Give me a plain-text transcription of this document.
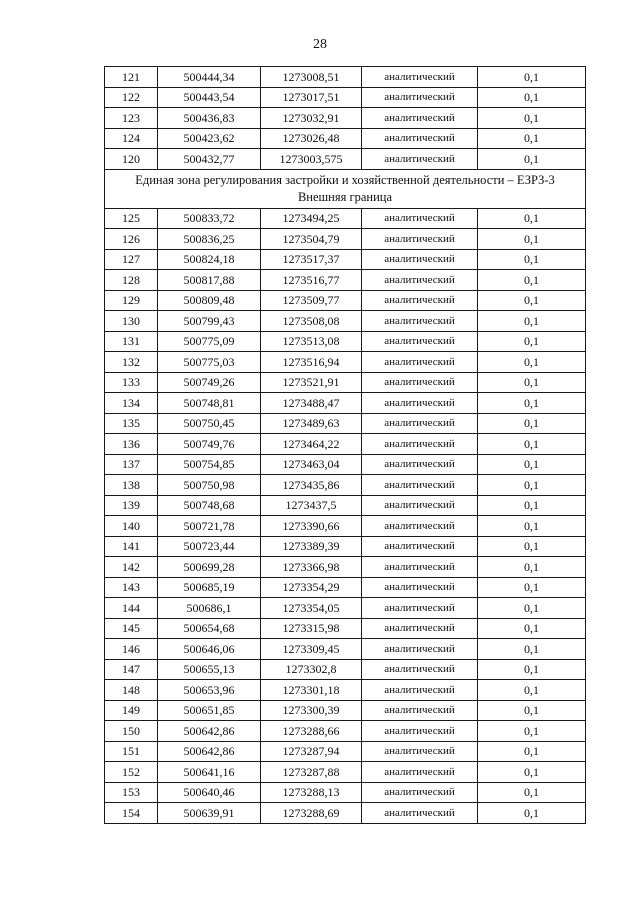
28
121	500444,34	1273008,51	аналитический	0,1
122	500443,54	1273017,51	аналитический	0,1
123	500436,83	1273032,91	аналитический	0,1
124	500423,62	1273026,48	аналитический	0,1
120	500432,77	1273003,575	аналитический	0,1

Единая зона регулирования застройки и хозяйственной деятельности – ЕЗРЗ-3
Внешняя граница				

125	500833,72	1273494,25	аналитический	0,1
126	500836,25	1273504,79	аналитический	0,1
127	500824,18	1273517,37	аналитический	0,1
128	500817,88	1273516,77	аналитический	0,1
129	500809,48	1273509,77	аналитический	0,1
130	500799,43	1273508,08	аналитический	0,1
131	500775,09	1273513,08	аналитический	0,1
132	500775,03	1273516,94	аналитический	0,1
133	500749,26	1273521,91	аналитический	0,1
134	500748,81	1273488,47	аналитический	0,1
135	500750,45	1273489,63	аналитический	0,1
136	500749,76	1273464,22	аналитический	0,1
137	500754,85	1273463,04	аналитический	0,1
138	500750,98	1273435,86	аналитический	0,1
139	500748,68	1273437,5	аналитический	0,1
140	500721,78	1273390,66	аналитический	0,1
141	500723,44	1273389,39	аналитический	0,1
142	500699,28	1273366,98	аналитический	0,1
143	500685,19	1273354,29	аналитический	0,1
144	500686,1	1273354,05	аналитический	0,1
145	500654,68	1273315,98	аналитический	0,1
146	500646,06	1273309,45	аналитический	0,1
147	500655,13	1273302,8	аналитический	0,1
148	500653,96	1273301,18	аналитический	0,1
149	500651,85	1273300,39	аналитический	0,1
150	500642,86	1273288,66	аналитический	0,1
151	500642,86	1273287,94	аналитический	0,1
152	500641,16	1273287,88	аналитический	0,1
153	500640,46	1273288,13	аналитический	0,1
154	500639,91	1273288,69	аналитический	0,1
